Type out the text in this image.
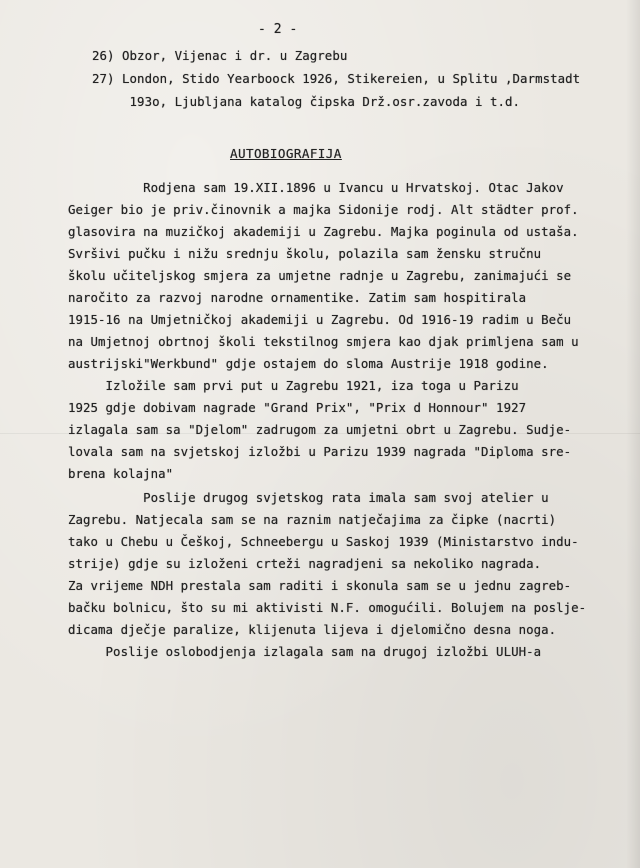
- 2 -
26) Obzor, Vijenac i dr. u Zagrebu
27) London, Stido Yearboock 1926, Stikereien, u Splitu ,Darmstadt
193o, Ljubljana katalog čipska Drž.osr.zavoda i t.d.
AUTOBIOGRAFIJA
Rodjena sam 19.XII.1896 u Ivancu u Hrvatskoj. Otac Jakov
Geiger bio je priv.činovnik a majka Sidonije rodj. Alt städter prof.
glasovira na muzičkoj akademiji u Zagrebu. Majka poginula od ustaša.
Svršivi pučku i nižu srednju školu, polazila sam žensku stručnu
školu učiteljskog smjera za umjetne radnje u Zagrebu, zanimajući se
naročito za razvoj narodne ornamentike. Zatim sam hospitirala
1915-16 na Umjetničkoj akademiji u Zagrebu. Od 1916-19 radim u Beču
na Umjetnoj obrtnoj školi tekstilnog smjera kao djak primljena sam u
austrijski"Werkbund" gdje ostajem do sloma Austrije 1918 godine.
Izložile sam prvi put u Zagrebu 1921, iza toga u Parizu
1925 gdje dobivam nagrade "Grand Prix", "Prix d Honnour" 1927
izlagala sam sa "Djelom" zadrugom za umjetni obrt u Zagrebu. Sudje-
lovala sam na svjetskoj izložbi u Parizu 1939 nagrada "Diploma sre-
brena kolajna"
Poslije drugog svjetskog rata imala sam svoj atelier u
Zagrebu. Natjecala sam se na raznim natječajima za čipke (nacrti)
tako u Chebu u Češkoj, Schneebergu u Saskoj 1939 (Ministarstvo indu-
strije) gdje su izloženi crteži nagradjeni sa nekoliko nagrada.
Za vrijeme NDH prestala sam raditi i skonula sam se u jednu zagreb-
bačku bolnicu, što su mi aktivisti N.F. omogućili. Bolujem na poslje-
dicama dječje paralize, klijenuta lijeva i djelomično desna noga.
Poslije oslobodjenja izlagala sam na drugoj izložbi ULUH-a
